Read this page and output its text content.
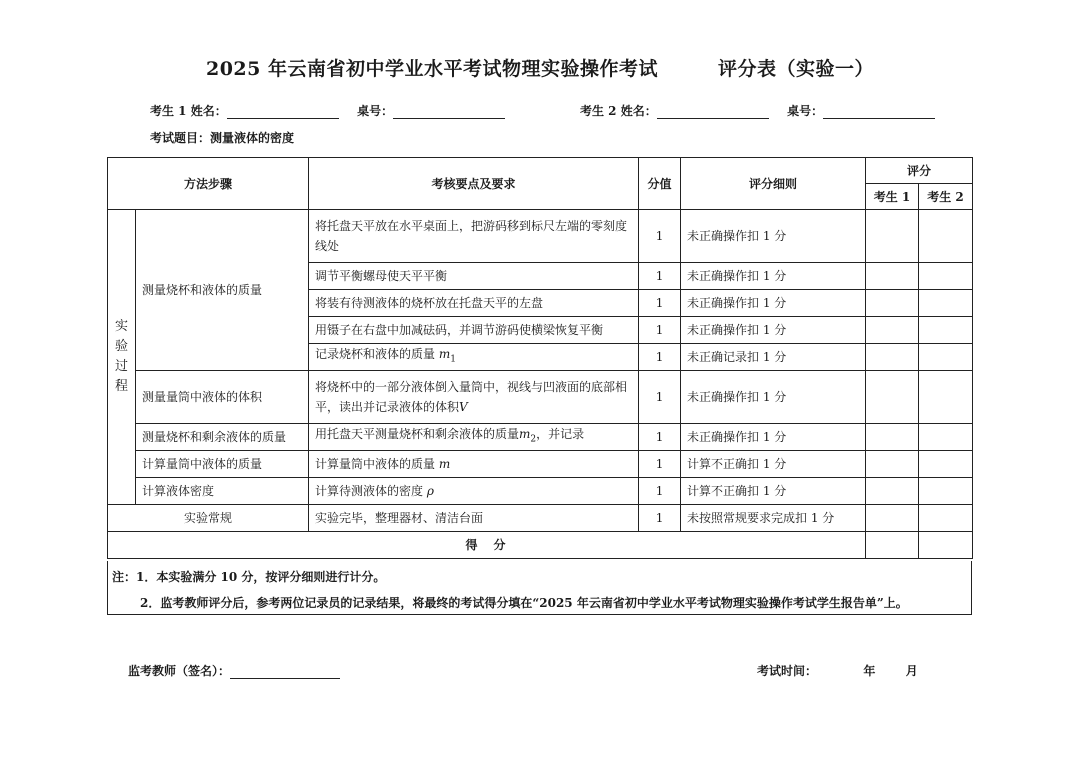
2025 年云南省初中学业水平考试物理实验操作考试	评分表（实验一）
考生 1 姓名：	桌号：	考生 2 姓名：	桌号：
考试题目：测量液体的密度
方法步骤		考核要点及要求	分值	评分细则	评分	
					考生 1	考生 2

实
验
过
程	测量烧杯和液体的质量	将托盘天平放在水平桌面上，把游码移到标尺左端的零刻度线处	1	未正确操作扣 1 分		
		调节平衡螺母使天平平衡	1	未正确操作扣 1 分		
		将装有待测液体的烧杯放在托盘天平的左盘	1	未正确操作扣 1 分		
		用镊子在右盘中加减砝码，并调节游码使横梁恢复平衡	1	未正确操作扣 1 分		
		记录烧杯和液体的质量 $m_1$	1	未正确记录扣 1 分		
	测量量筒中液体的体积	将烧杯中的一部分液体倒入量筒中，视线与凹液面的底部相平，读出并记录液体的体积V	1	未正确操作扣 1 分		
	测量烧杯和剩余液体的质量	用托盘天平测量烧杯和剩余液体的质量$m_2$，并记录	1	未正确操作扣 1 分		
	计算量筒中液体的质量	计算量筒中液体的质量 m	1	计算不正确扣 1 分		
	计算液体密度	计算待测液体的密度 ρ	1	计算不正确扣 1 分		
实验常规		实验完毕，整理器材、清洁台面	1	未按照常规要求完成扣 1 分		
得　分						
注：1．本实验满分 10 分，按评分细则进行计分。
2．监考教师评分后，参考两位记录员的记录结果，将最终的考试得分填在“2025 年云南省初中学业水平考试物理实验操作考试学生报告单”上。
监考教师（签名）：	考试时间：	年	月
